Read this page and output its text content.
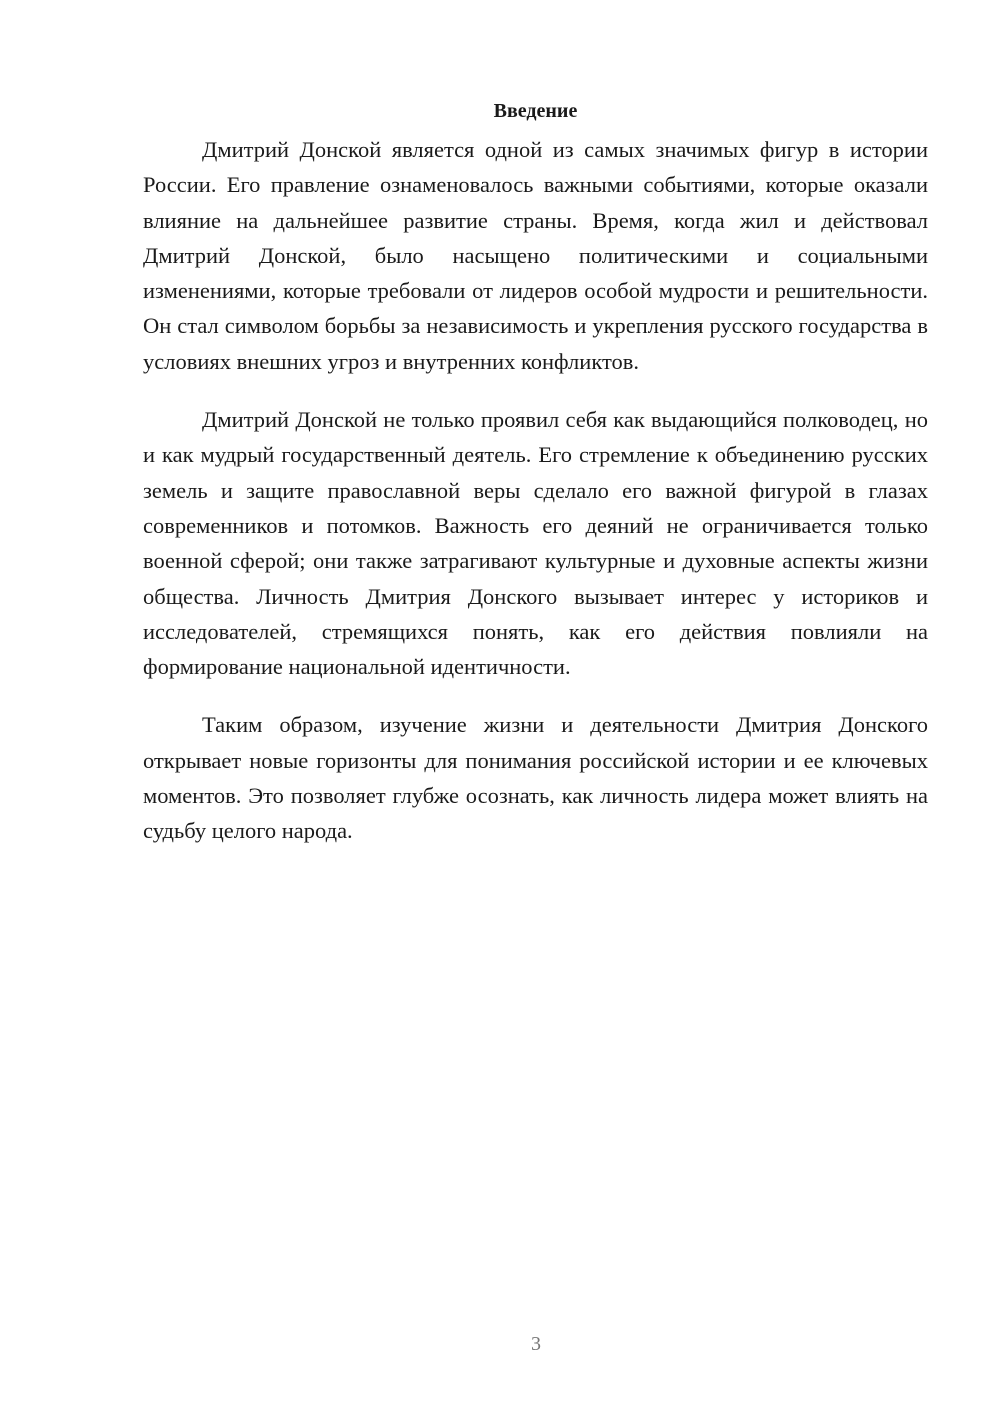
Введение

Дмитрий Донской является одной из самых значимых фигур в истории России. Его правление ознаменовалось важными событиями, которые оказали влияние на дальнейшее развитие страны. Время, когда жил и действовал Дмитрий Донской, было насыщено политическими и социальными изменениями, которые требовали от лидеров особой мудрости и решительности. Он стал символом борьбы за независимость и укрепления русского государства в условиях внешних угроз и внутренних конфликтов.

Дмитрий Донской не только проявил себя как выдающийся полководец, но и как мудрый государственный деятель. Его стремление к объединению русских земель и защите православной веры сделало его важной фигурой в глазах современников и потомков. Важность его деяний не ограничивается только военной сферой; они также затрагивают культурные и духовные аспекты жизни общества. Личность Дмитрия Донского вызывает интерес у историков и исследователей, стремящихся понять, как его действия повлияли на формирование национальной идентичности.

Таким образом, изучение жизни и деятельности Дмитрия Донского открывает новые горизонты для понимания российской истории и ее ключевых моментов. Это позволяет глубже осознать, как личность лидера может влиять на судьбу целого народа.

3
